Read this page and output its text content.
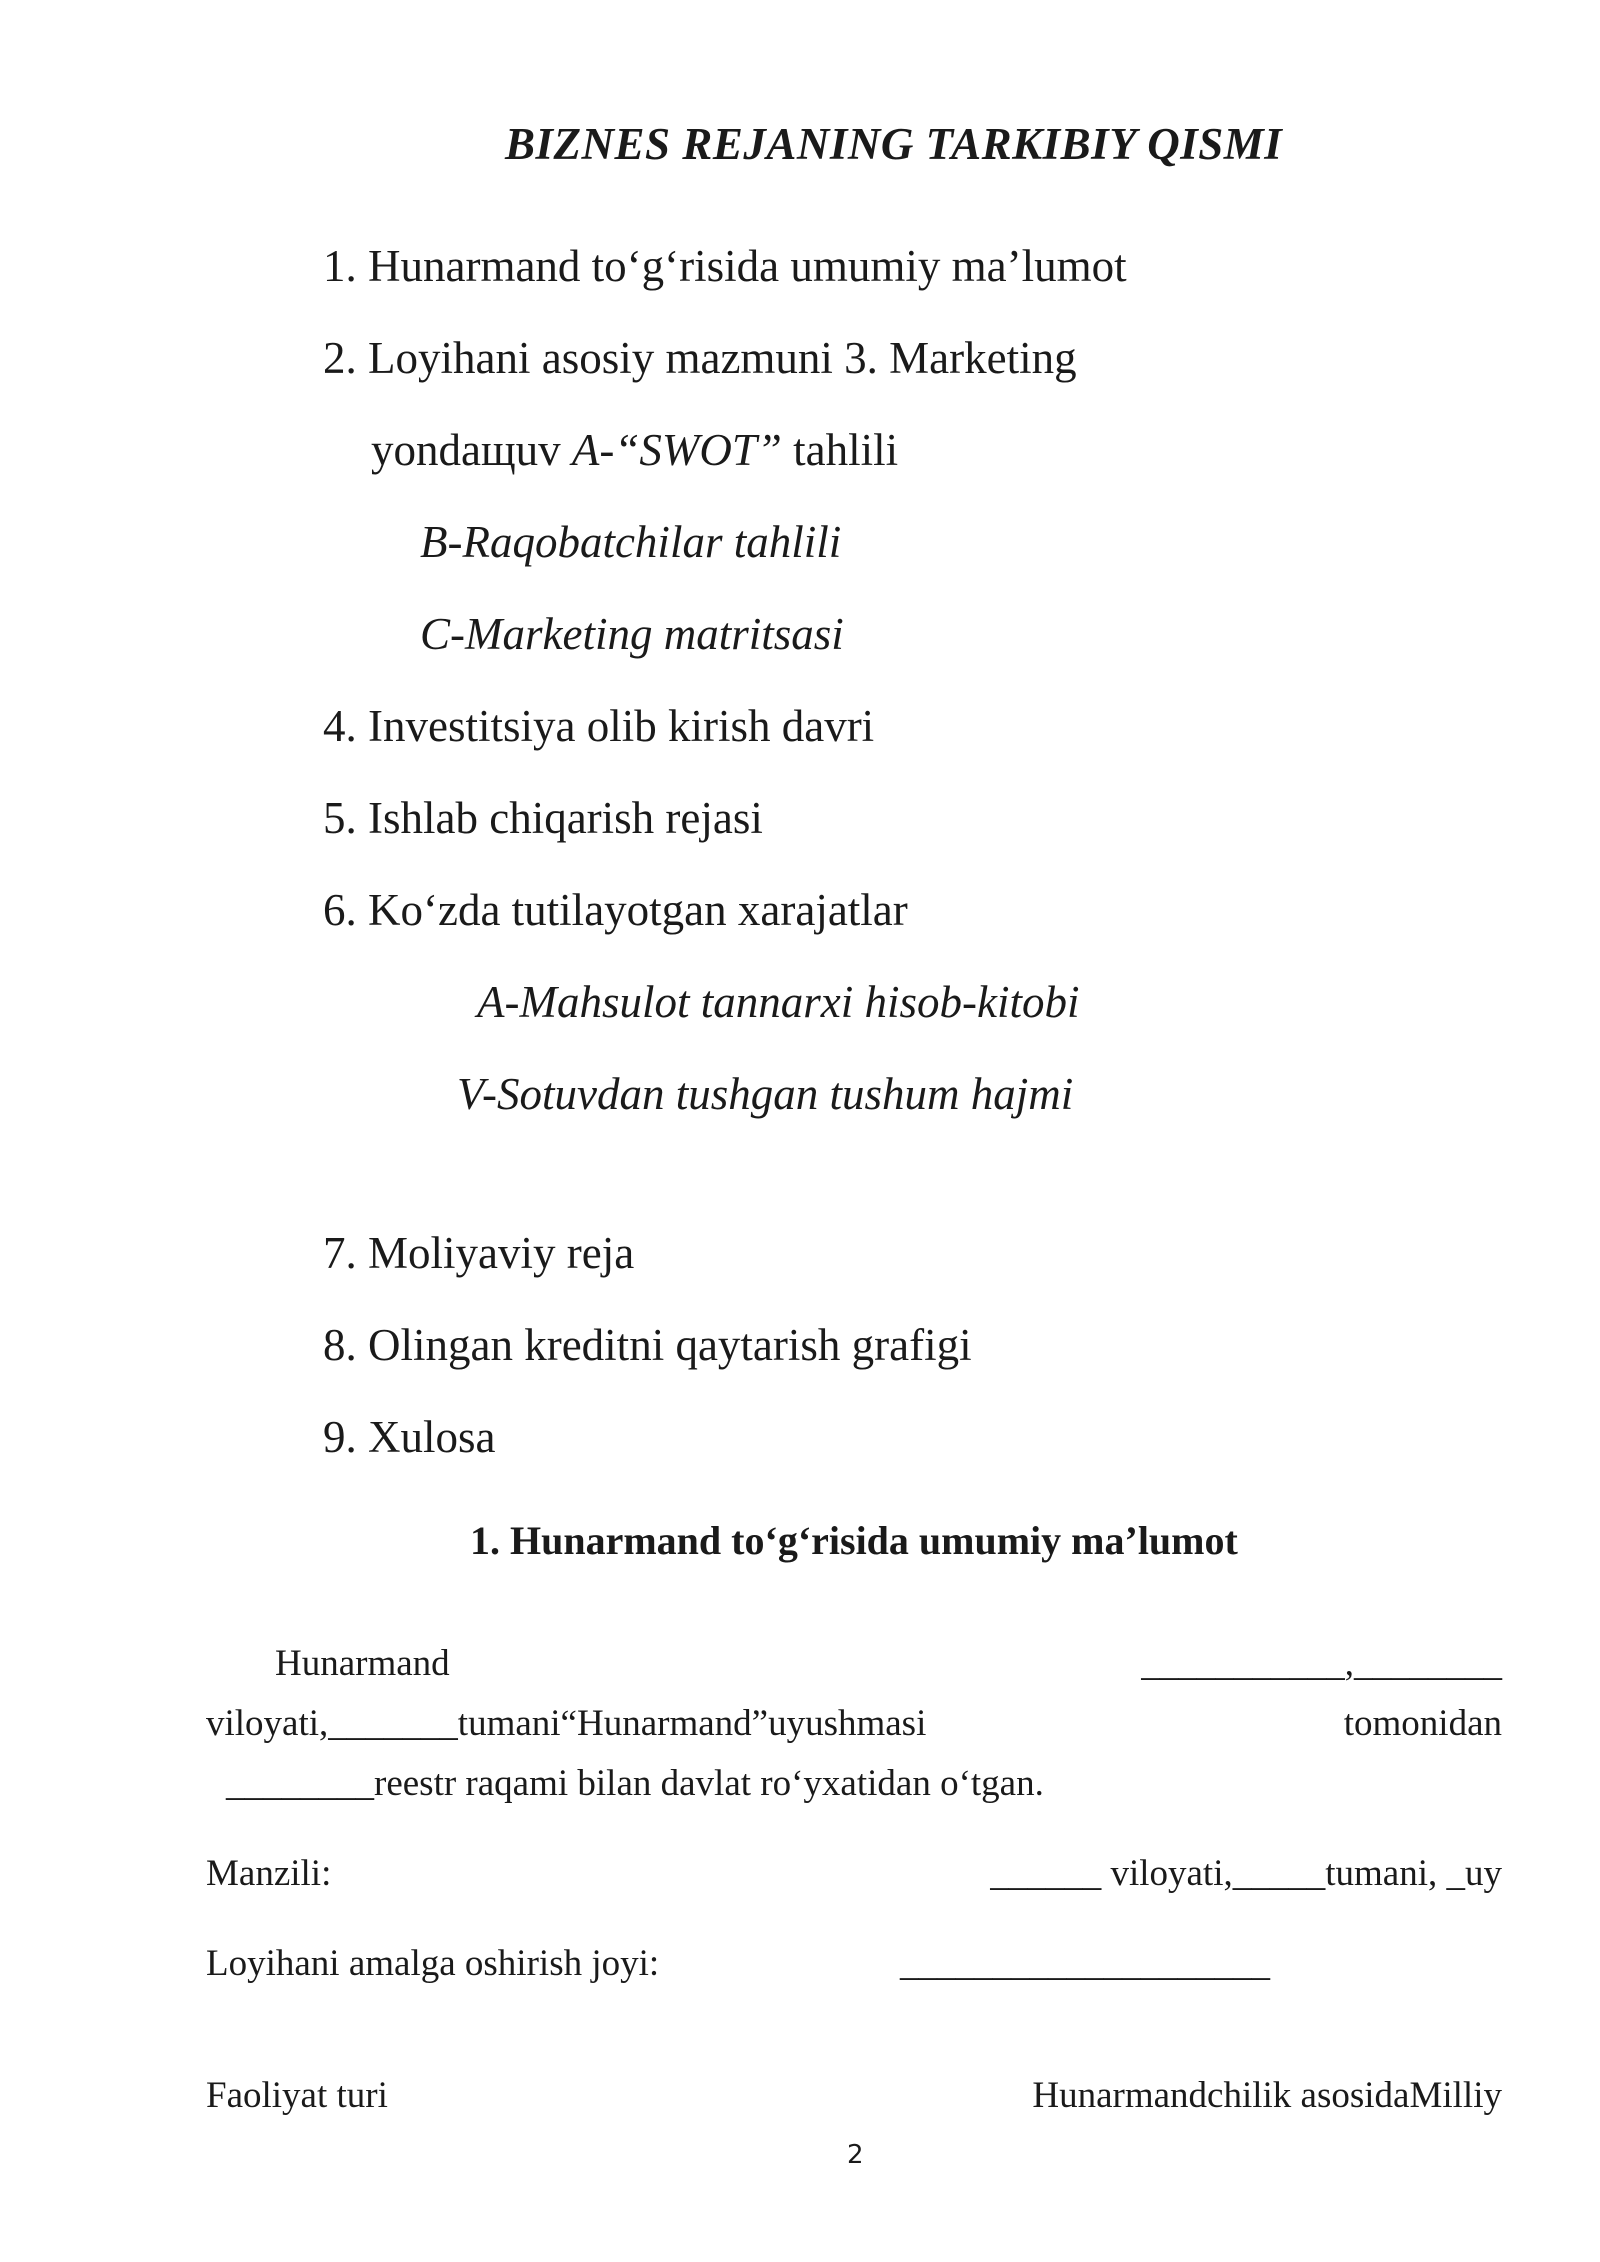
BIZNES REJANING TARKIBIY QISMI
1. Hunarmand to‘g‘risida umumiy ma’lumot
2. Loyihani asosiy mazmuni 3. Marketing
yondaщuv A-“SWOT” tahlili
B-Raqobatchilar tahlili
C-Marketing matritsasi
4. Investitsiya olib kirish davri
5. Ishlab chiqarish rejasi
6. Ko‘zda tutilayotgan xarajatlar
A-Mahsulot tannarxi hisob-kitobi
V-Sotuvdan tushgan tushum hajmi
7. Moliyaviy reja
8. Olingan kreditni qaytarish grafigi
9. Xulosa
1. Hunarmand to‘g‘risida umumiy ma’lumot
Hunarmand	___________,________
viloyati,_______tumani“Hunarmand”uyushmasi	tomonidan
________reestr raqami bilan davlat ro‘yxatidan o‘tgan.
Manzili:	______ viloyati,_____tumani, _uy
Loyihani amalga oshirish joyi:	____________________
Faoliyat turi	Hunarmandchilik asosidaMilliy
2
